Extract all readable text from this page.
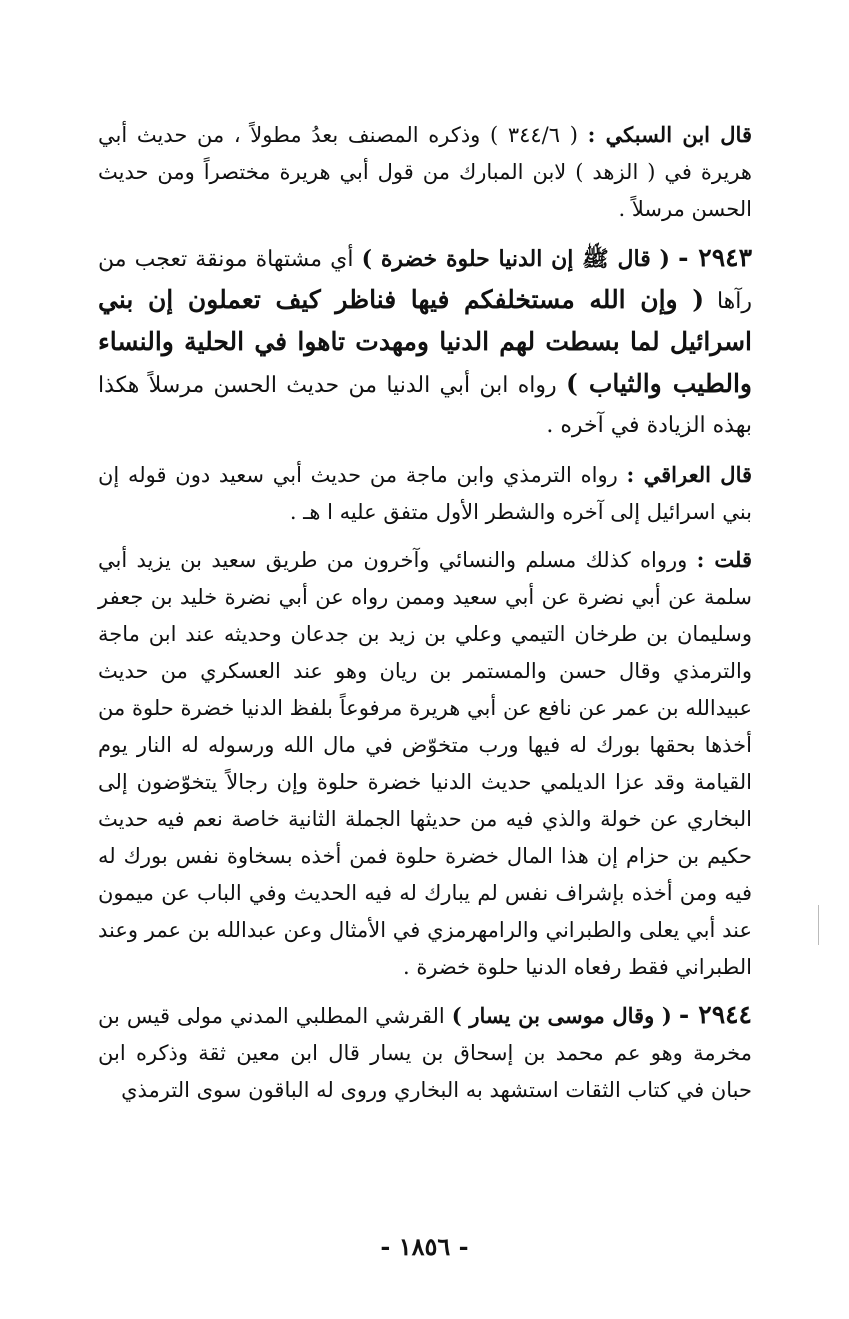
قال ابن السبكي : ( ٣٤٤/٦ ) وذكره المصنف بعدُ مطولاً ، من حديث أبي هريرة في ( الزهد ) لابن المبارك من قول أبي هريرة مختصراً ومن حديث الحسن مرسلاً .

٢٩٤٣ - ( قال ﷺ إن الدنيا حلوة خضرة ) أي مشتهاة مونقة تعجب من رآها ( وإن الله مستخلفكم فيها فناظر كيف تعملون إن بني اسرائيل لما بسطت لهم الدنيا ومهدت تاهوا في الحلية والنساء والطيب والثياب ) رواه ابن أبي الدنيا من حديث الحسن مرسلاً هكذا بهذه الزيادة في آخره .

قال العراقي : رواه الترمذي وابن ماجة من حديث أبي سعيد دون قوله إن بني اسرائيل إلى آخره والشطر الأول متفق عليه ا هـ .

قلت : ورواه كذلك مسلم والنسائي وآخرون من طريق سعيد بن يزيد أبي سلمة عن أبي نضرة عن أبي سعيد وممن رواه عن أبي نضرة خليد بن جعفر وسليمان بن طرخان التيمي وعلي بن زيد بن جدعان وحديثه عند ابن ماجة والترمذي وقال حسن والمستمر بن ريان وهو عند العسكري من حديث عبيدالله بن عمر عن نافع عن أبي هريرة مرفوعاً بلفظ الدنيا خضرة حلوة من أخذها بحقها بورك له فيها ورب متخوّض في مال الله ورسوله له النار يوم القيامة وقد عزا الديلمي حديث الدنيا خضرة حلوة وإن رجالاً يتخوّضون إلى البخاري عن خولة والذي فيه من حديثها الجملة الثانية خاصة نعم فيه حديث حكيم بن حزام إن هذا المال خضرة حلوة فمن أخذه بسخاوة نفس بورك له فيه ومن أخذه بإشراف نفس لم يبارك له فيه الحديث وفي الباب عن ميمون عند أبي يعلى والطبراني والرامهرمزي في الأمثال وعن عبدالله بن عمر وعند الطبراني فقط رفعاه الدنيا حلوة خضرة .

٢٩٤٤ - ( وقال موسى بن يسار ) القرشي المطلبي المدني مولى قيس بن مخرمة وهو عم محمد بن إسحاق بن يسار قال ابن معين ثقة وذكره ابن حبان في كتاب الثقات استشهد به البخاري وروى له الباقون سوى الترمذي

- ١٨٥٦ -
